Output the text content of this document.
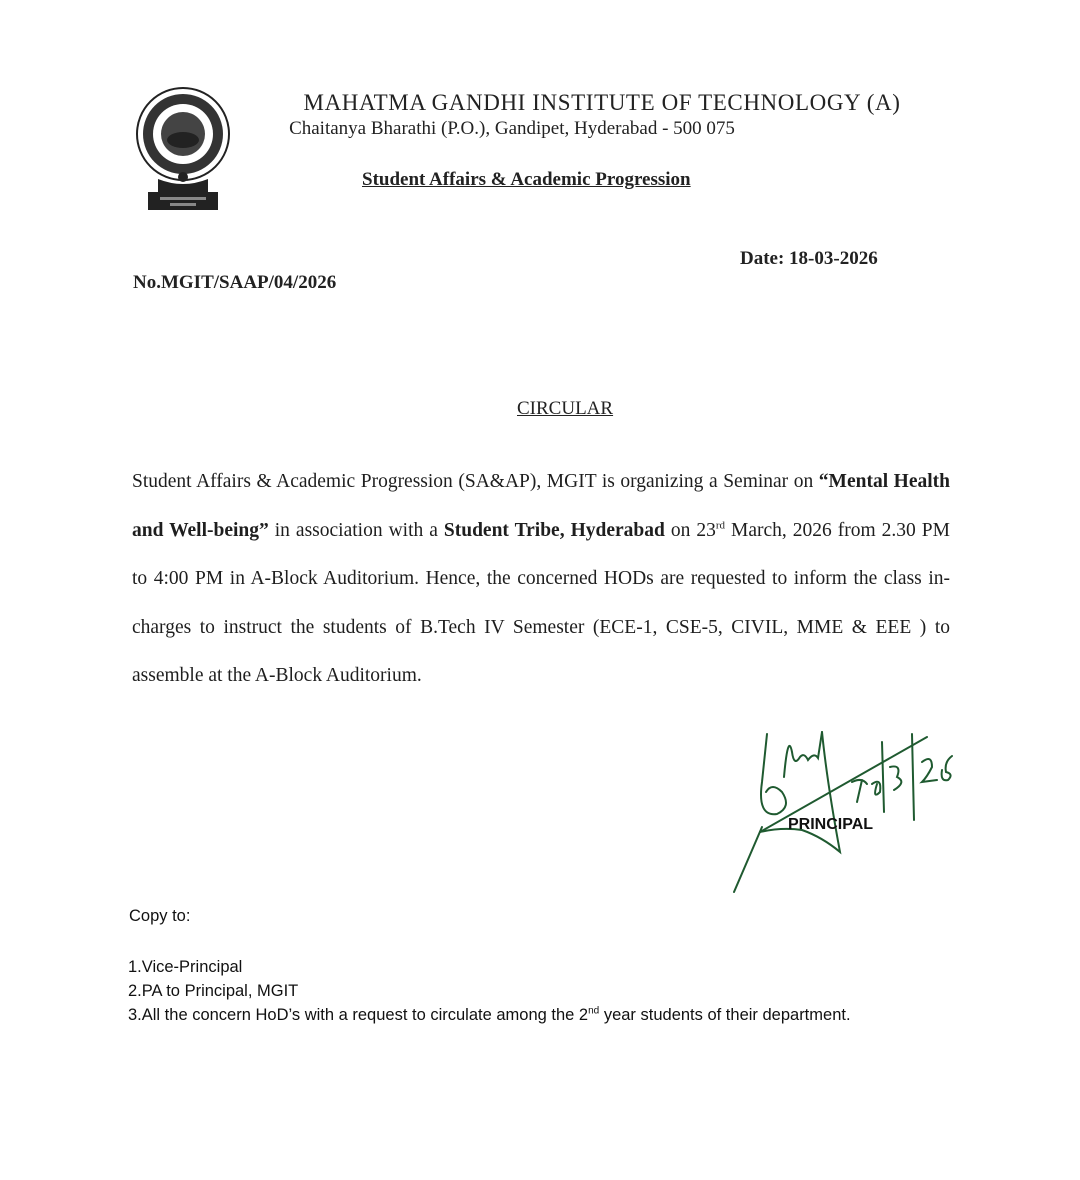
MAHATMA GANDHI INSTITUTE OF TECHNOLOGY (A)
Chaitanya Bharathi (P.O.), Gandipet, Hyderabad - 500 075
Student Affairs & Academic Progression
Date: 18-03-2026
No.MGIT/SAAP/04/2026
CIRCULAR
Student Affairs & Academic Progression (SA&AP), MGIT is organizing a Seminar on “Mental Health and Well-being” in association with a Student Tribe, Hyderabad on 23rd March, 2026 from 2.30 PM to 4:00 PM in A-Block Auditorium. Hence, the concerned HODs are requested to inform the class in-charges to instruct the students of B.Tech IV Semester (ECE-1, CSE-5, CIVIL, MME & EEE ) to assemble at the A-Block Auditorium.
PRINCIPAL
Copy to:
1.Vice-Principal
2.PA to Principal, MGIT
3.All the concern HoD’s with a request to circulate among the 2nd year students of their department.
